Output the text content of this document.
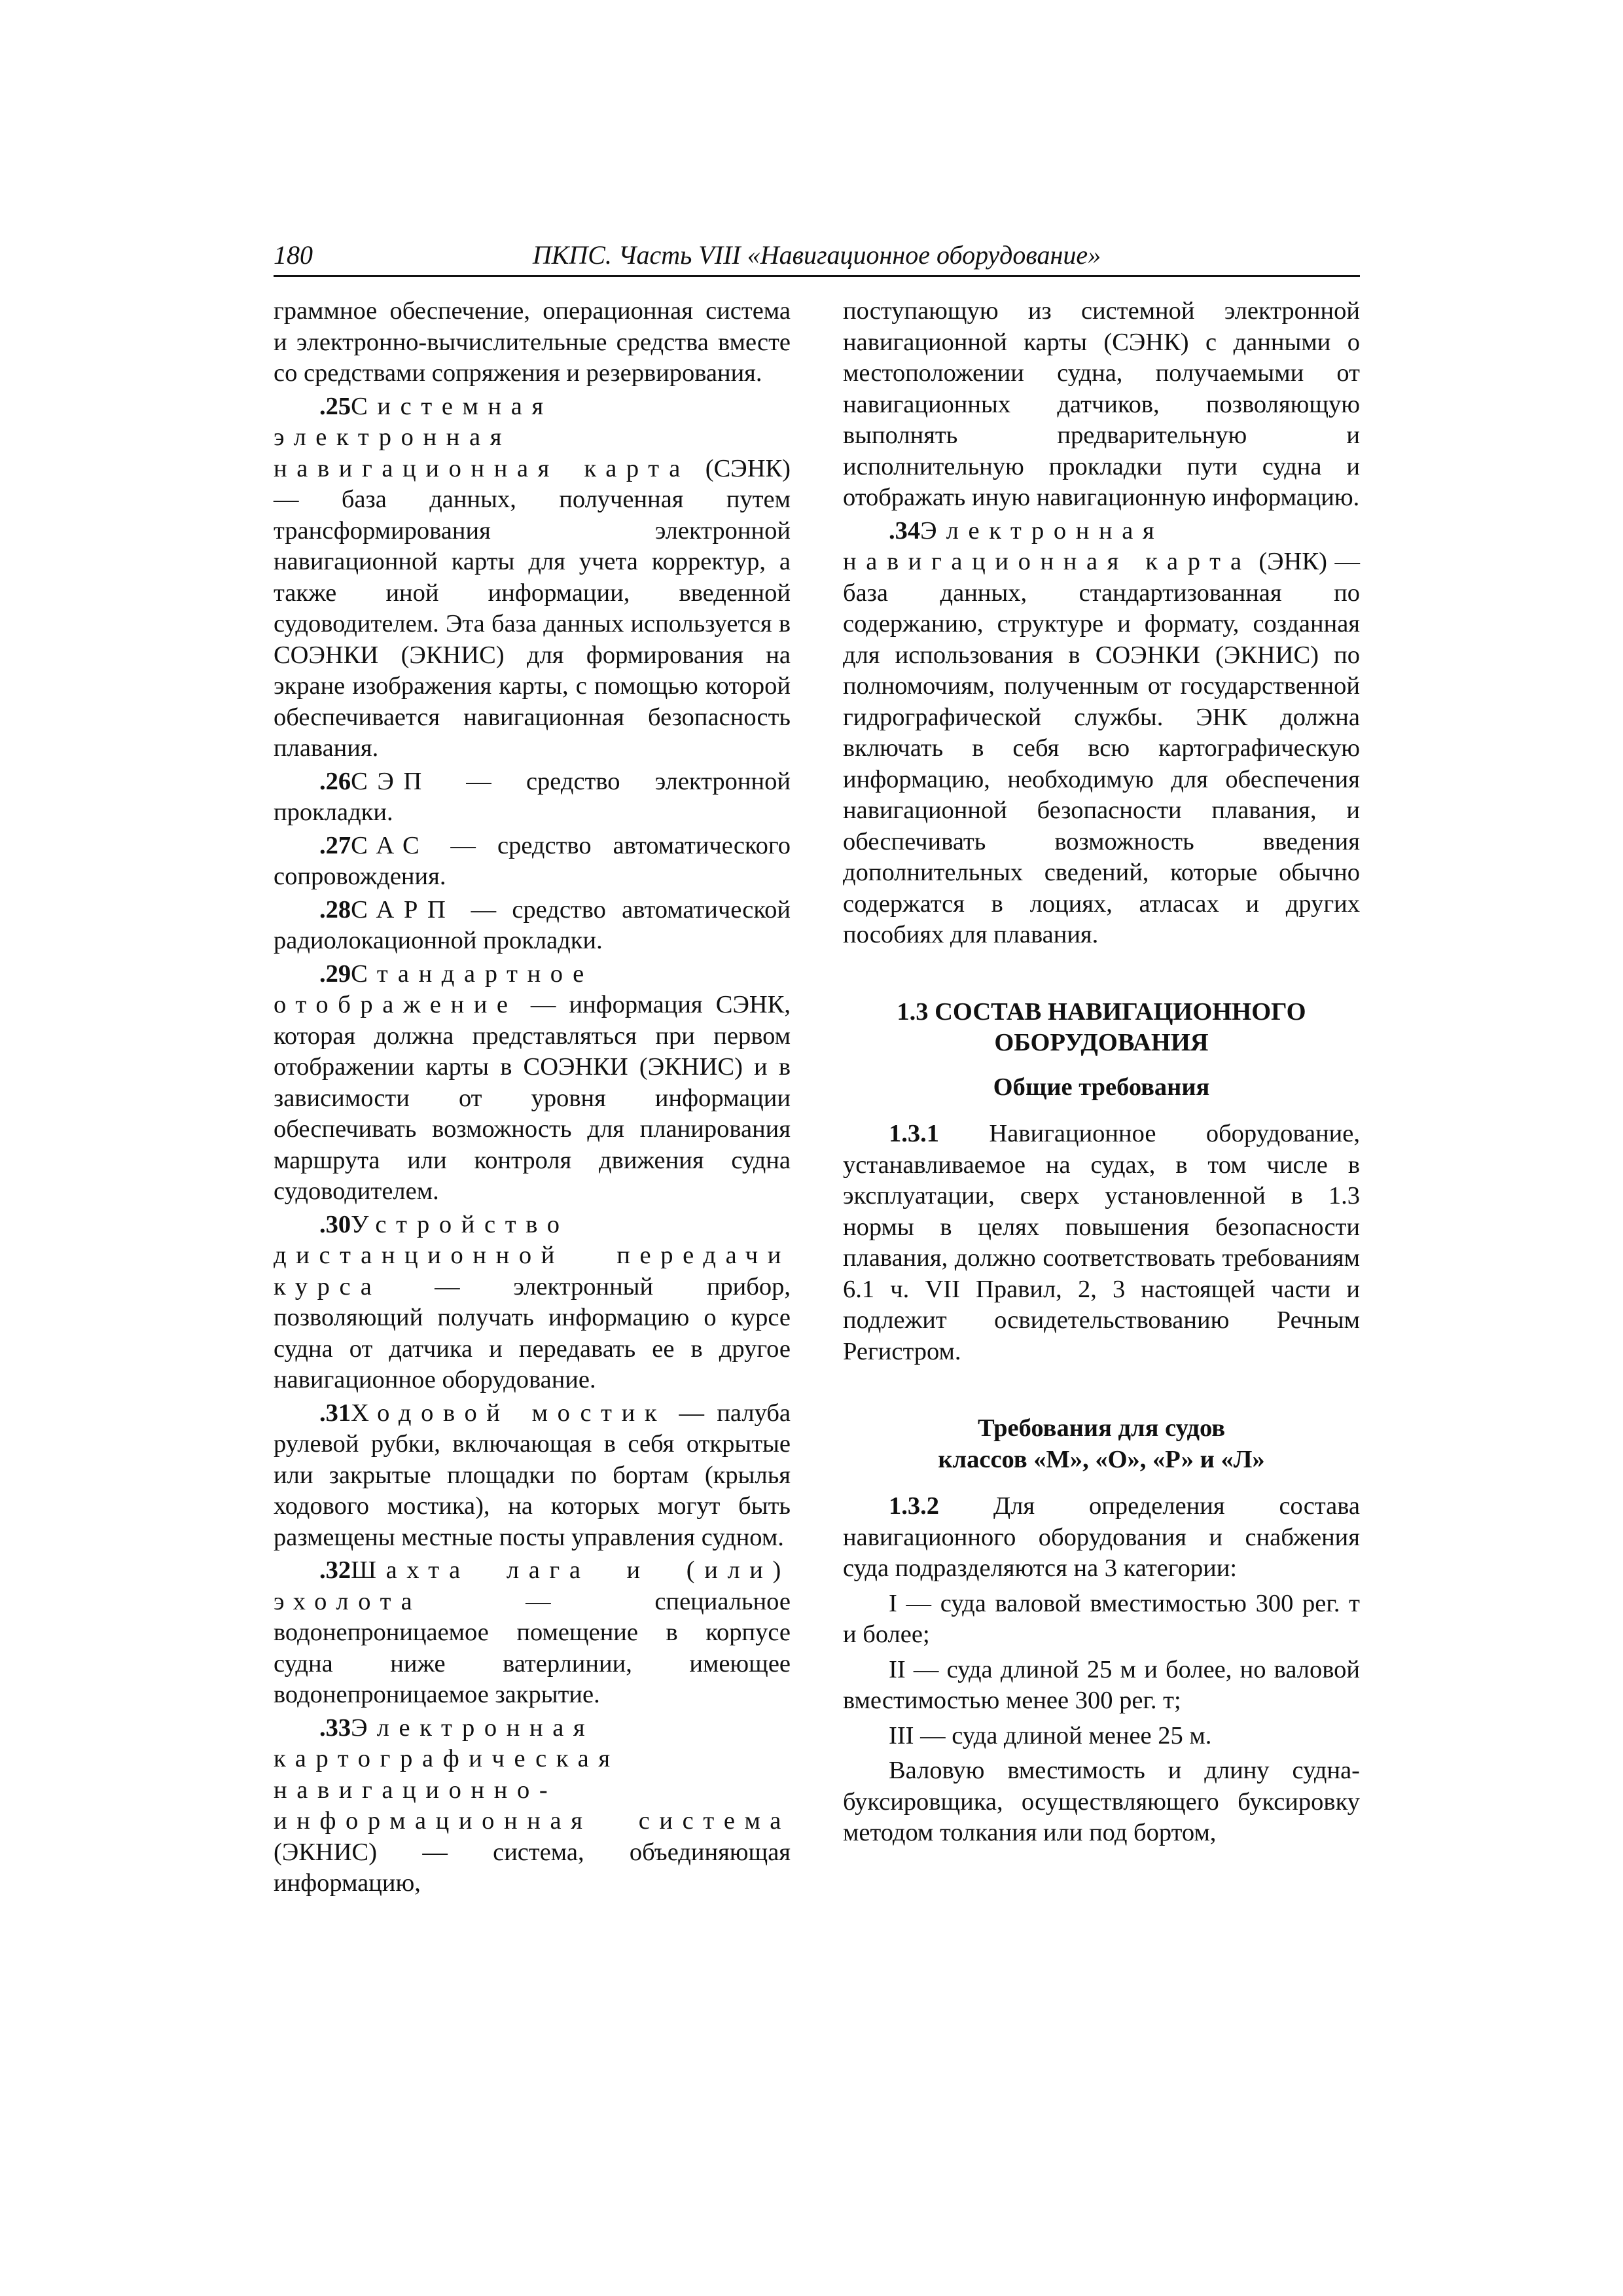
180	ПКПС. Часть VIII «Навигационное оборудование»

граммное обеспечение, операционная система и электронно-вычислительные средства вместе со средствами сопряжения и резервирования.

.25Системная электронная навигационная карта (СЭНК) — база данных, полученная путем трансформирования электронной навигационной карты для учета корректур, а также иной информации, введенной судоводителем. Эта база данных используется в СОЭНКИ (ЭКНИС) для формирования на экране изображения карты, с помощью которой обеспечивается навигационная безопасность плавания.

.26СЭП — средство электронной прокладки.

.27САС — средство автоматического сопровождения.

.28САРП — средство автоматической радиолокационной прокладки.

.29Стандартное отображение — информация СЭНК, которая должна представляться при первом отображении карты в СОЭНКИ (ЭКНИС) и в зависимости от уровня информации обеспечивать возможность для планирования маршрута или контроля движения судна судоводителем.

.30Устройство дистанционной передачи курса — электронный прибор, позволяющий получать информацию о курсе судна от датчика и передавать ее в другое навигационное оборудование.

.31Ходовой мостик — палуба рулевой рубки, включающая в себя открытые или закрытые площадки по бортам (крылья ходового мостика), на которых могут быть размещены местные посты управления судном.

.32Шахта лага и (или) эхолота	— специальное водонепроницаемое помещение в корпусе судна ниже ватерлинии, имеющее водонепроницаемое закрытие.

.33Электронная картографическая навигационно-информационная система (ЭКНИС) — система, объединяющая информацию,

поступающую из системной электронной навигационной карты (СЭНК) с данными о местоположении судна, получаемыми от навигационных датчиков, позволяющую выполнять предварительную и исполнительную прокладки пути судна и отображать иную навигационную информацию.

.34Электронная навигационная карта (ЭНК) — база данных, стандартизованная по содержанию, структуре и формату, созданная для использования в СОЭНКИ (ЭКНИС) по полномочиям, полученным от государственной гидрографической службы. ЭНК должна включать в себя всю картографическую информацию, необходимую для обеспечения навигационной безопасности плавания, и обеспечивать возможность введения дополнительных сведений, которые обычно содержатся в лоциях, атласах и других пособиях для плавания.

1.3 СОСТАВ НАВИГАЦИОННОГО ОБОРУДОВАНИЯ
Общие требования

1.3.1 Навигационное оборудование, устанавливаемое на судах, в том числе в эксплуатации, сверх установленной в 1.3 нормы в целях повышения безопасности плавания, должно соответствовать требованиям 6.1 ч. VII Правил, 2, 3 настоящей части и подлежит освидетельствованию Речным Регистром.

Требования для судов
классов «М», «О», «Р» и «Л»

1.3.2 Для определения состава навигационного оборудования и снабжения суда подразделяются на 3 категории:

I — суда валовой вместимостью 300 рег. т и более;

II — суда длиной 25 м и более, но валовой вместимостью менее 300 рег. т;

III — суда длиной менее 25 м.

Валовую вместимость и длину судна-буксировщика, осуществляющего буксировку методом толкания или под бортом,
